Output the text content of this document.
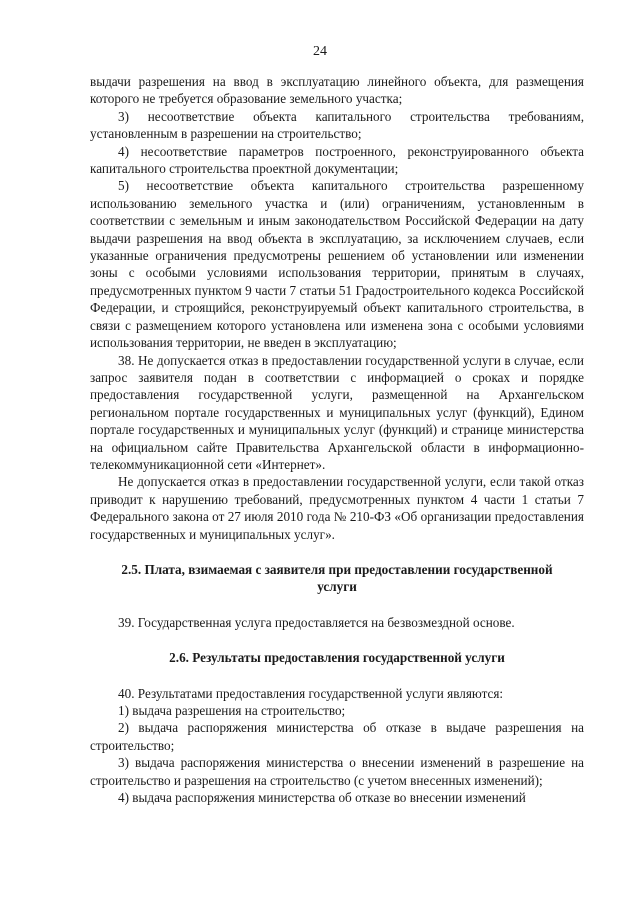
24

выдачи разрешения на ввод в эксплуатацию линейного объекта, для размещения которого не требуется образование земельного участка;

3) несоответствие объекта капитального строительства требованиям, установленным в разрешении на строительство;

4) несоответствие параметров построенного, реконструированного объекта капитального строительства проектной документации;

5) несоответствие объекта капитального строительства разрешенному использованию земельного участка и (или) ограничениям, установленным в соответствии с земельным и иным законодательством Российской Федерации на дату выдачи разрешения на ввод объекта в эксплуатацию, за исключением случаев, если указанные ограничения предусмотрены решением об установлении или изменении зоны с особыми условиями использования территории, принятым в случаях, предусмотренных пунктом 9 части 7 статьи 51 Градостроительного кодекса Российской Федерации, и строящийся, реконструируемый объект капитального строительства, в связи с размещением которого установлена или изменена зона с особыми условиями использования территории, не введен в эксплуатацию;

38. Не допускается отказ в предоставлении государственной услуги в случае, если запрос заявителя подан в соответствии с информацией о сроках и порядке предоставления государственной услуги, размещенной на Архангельском региональном портале государственных и муниципальных услуг (функций), Едином портале государственных и муниципальных услуг (функций) и странице министерства на официальном сайте Правительства Архангельской области в информационно-телекоммуникационной сети «Интернет».

Не допускается отказ в предоставлении государственной услуги, если такой отказ приводит к нарушению требований, предусмотренных пунктом 4 части 1 статьи 7 Федерального закона от 27 июля 2010 года № 210-ФЗ «Об организации предоставления государственных и муниципальных услуг».

2.5. Плата, взимаемая с заявителя при предоставлении государственной услуги

39. Государственная услуга предоставляется на безвозмездной основе.

2.6. Результаты предоставления государственной услуги

40. Результатами предоставления государственной услуги являются:

1) выдача разрешения на строительство;

2) выдача распоряжения министерства об отказе в выдаче разрешения на строительство;

3) выдача распоряжения министерства о внесении изменений в разрешение на строительство и разрешения на строительство (с учетом внесенных изменений);

4) выдача распоряжения министерства об отказе во внесении изменений
